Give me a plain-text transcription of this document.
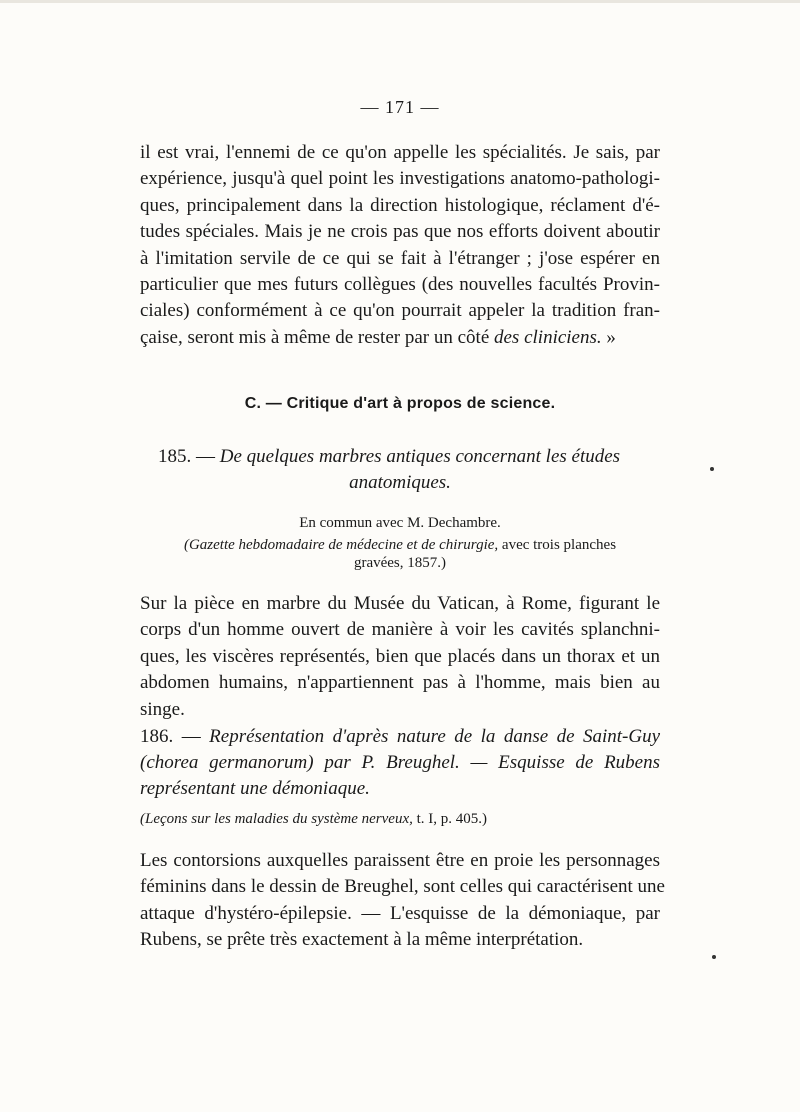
— 171 —
il est vrai, l'ennemi de ce qu'on appelle les spécialités. Je sais, par
expérience, jusqu'à quel point les investigations anatomo-pathologi-
ques, principalement dans la direction histologique, réclament d'é-
tudes spéciales. Mais je ne crois pas que nos efforts doivent aboutir
à l'imitation servile de ce qui se fait à l'étranger ; j'ose espérer en
particulier que mes futurs collègues (des nouvelles facultés Provin-
ciales) conformément à ce qu'on pourrait appeler la tradition fran-
çaise, seront mis à même de rester par un côté des cliniciens. »
C. — Critique d'art à propos de science.
185. — De quelques marbres antiques concernant les études
anatomiques.
En commun avec M. Dechambre.
(Gazette hebdomadaire de médecine et de chirurgie, avec trois planches
gravées, 1857.)
Sur la pièce en marbre du Musée du Vatican, à Rome, figurant le
corps d'un homme ouvert de manière à voir les cavités splanchni-
ques, les viscères représentés, bien que placés dans un thorax et un
abdomen humains, n'appartiennent pas à l'homme, mais bien au
singe.
186. — Représentation d'après nature de la danse de Saint-Guy
(chorea germanorum) par P. Breughel. — Esquisse de Rubens
représentant une démoniaque.
(Leçons sur les maladies du système nerveux, t. I, p. 405.)
Les contorsions auxquelles paraissent être en proie les personnages
féminins dans le dessin de Breughel, sont celles qui caractérisent une
attaque d'hystéro-épilepsie. — L'esquisse de la démoniaque, par
Rubens, se prête très exactement à la même interprétation.
